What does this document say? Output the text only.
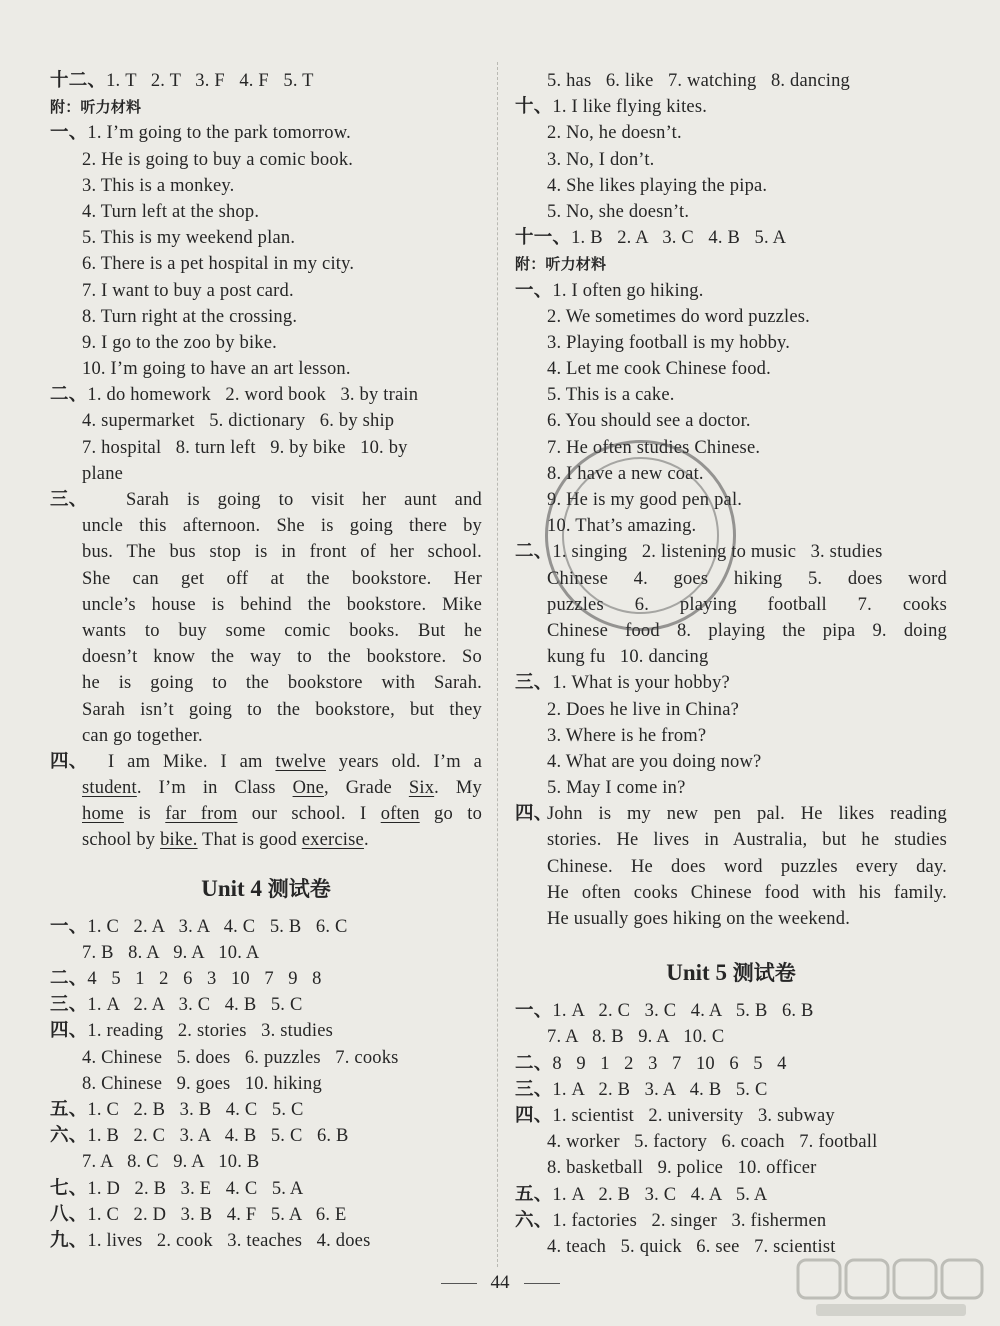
十二、1. T   2. T   3. F   4. F   5. T
附：听力材料
一、1. I’m going to the park tomorrow.
2. He is going to buy a comic book.
3. This is a monkey.
4. Turn left at the shop.
5. This is my weekend plan.
6. There is a pet hospital in my city.
7. I want to buy a post card.
8. Turn right at the crossing.
9. I go to the zoo by bike.
10. I’m going to have an art lesson.
二、1. do homework   2. word book   3. by train
4. supermarket   5. dictionary   6. by ship
7. hospital   8. turn left   9. by bike   10. by
plane
三、	Sarah is going to visit her aunt and
uncle this afternoon. She is going there by
bus. The bus stop is in front of her school.
She can get off at the bookstore. Her
uncle’s house is behind the bookstore. Mike
wants to buy some comic books. But he
doesn’t know the way to the bookstore. So
he is going to the bookstore with Sarah.
Sarah isn’t going to the bookstore, but they
can go together.
四、	I am Mike. I am twelve years old. I’m a
student. I’m in Class One, Grade Six. My
home is far from our school. I often go to
school by bike. That is good exercise.
Unit 4 测试卷
一、1. C   2. A   3. A   4. C   5. B   6. C
7. B   8. A   9. A   10. A
二、4   5   1   2   6   3   10   7   9   8
三、1. A   2. A   3. C   4. B   5. C
四、1. reading   2. stories   3. studies
4. Chinese   5. does   6. puzzles   7. cooks
8. Chinese   9. goes   10. hiking
五、1. C   2. B   3. B   4. C   5. C
六、1. B   2. C   3. A   4. B   5. C   6. B
7. A   8. C   9. A   10. B
七、1. D   2. B   3. E   4. C   5. A
八、1. C   2. D   3. B   4. F   5. A   6. E
九、1. lives   2. cook   3. teaches   4. does
5. has   6. like   7. watching   8. dancing
十、1. I like flying kites.
2. No, he doesn’t.
3. No, I don’t.
4. She likes playing the pipa.
5. No, she doesn’t.
十一、1. B   2. A   3. C   4. B   5. A
附：听力材料
一、1. I often go hiking.
2. We sometimes do word puzzles.
3. Playing football is my hobby.
4. Let me cook Chinese food.
5. This is a cake.
6. You should see a doctor.
7. He often studies Chinese.
8. I have a new coat.
9. He is my good pen pal.
10. That’s amazing.
二、1. singing   2. listening to music   3. studies
Chinese 4. goes hiking 5. does word
puzzles 6. playing football 7. cooks
Chinese food 8. playing the pipa 9. doing
kung fu   10. dancing
三、1. What is your hobby?
2. Does he live in China?
3. Where is he from?
4. What are you doing now?
5. May I come in?
四、
John is my new pen pal. He likes reading
stories. He lives in Australia, but he studies
Chinese. He does word puzzles every day.
He often cooks Chinese food with his family.
He usually goes hiking on the weekend.
Unit 5 测试卷
一、1. A   2. C   3. C   4. A   5. B   6. B
7. A   8. B   9. A   10. C
二、8   9   1   2   3   7   10   6   5   4
三、1. A   2. B   3. A   4. B   5. C
四、1. scientist   2. university   3. subway
4. worker   5. factory   6. coach   7. football
8. basketball   9. police   10. officer
五、1. A   2. B   3. C   4. A   5. A
六、1. factories   2. singer   3. fishermen
4. teach   5. quick   6. see   7. scientist
44
